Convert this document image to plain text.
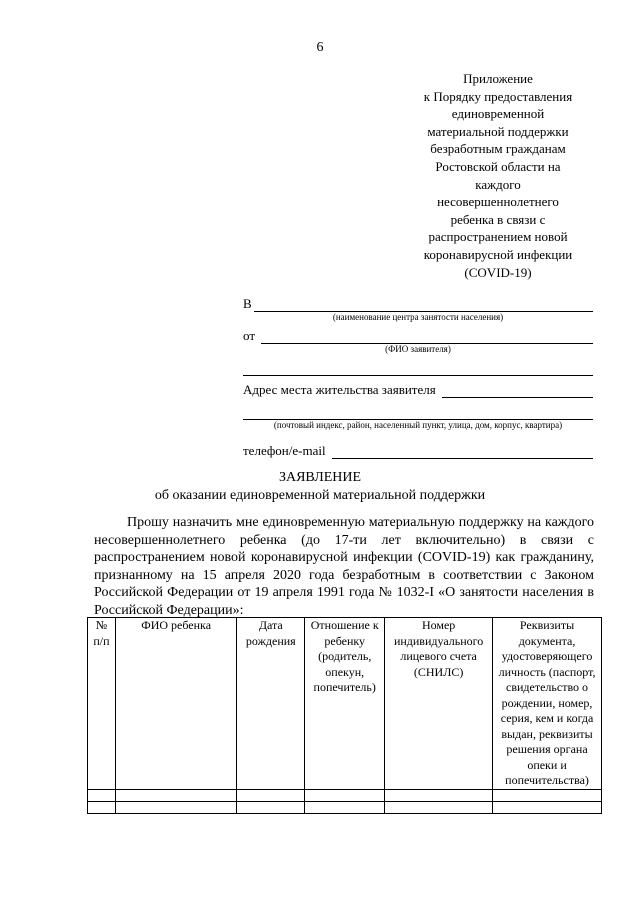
6
Приложение
к Порядку предоставления
единовременной
материальной поддержки
безработным гражданам
Ростовской области на
каждого
несовершеннолетнего
ребенка в связи с
распространением новой
коронавирусной инфекции
(COVID-19)
В
(наименование центра занятости населения)
от
(ФИО заявителя)
Адрес места жительства заявителя
(почтовый индекс, район, населенный пункт, улица, дом, корпус, квартира)
телефон/e-mail
ЗАЯВЛЕНИЕ
об оказании единовременной материальной поддержки

Прошу назначить мне единовременную материальную поддержку на каждого несовершеннолетнего ребенка (до 17-ти лет включительно) в связи с распространением новой коронавирусной инфекции (COVID-19) как гражданину, признанному на 15 апреля 2020 года безработным в соответствии с Законом Российской Федерации от 19 апреля 1991 года № 1032-I «О занятости населения в Российской Федерации»:

№ п/п	ФИО ребенка	Дата рождения	Отношение к ребенку (родитель, опекун, попечитель)	Номер индивидуального лицевого счета (СНИЛС)	Реквизиты документа, удостоверяющего личность (паспорт, свидетельство о рождении, номер, серия, кем и когда выдан, реквизиты решения органа опеки и попечительства)
